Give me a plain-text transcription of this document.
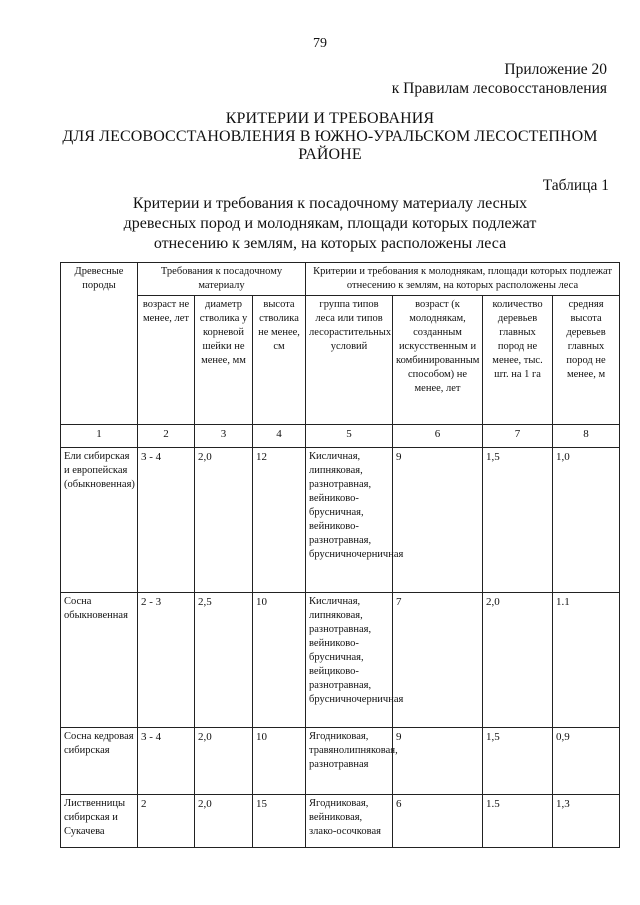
79
Приложение 20
к Правилам лесовосстановления
КРИТЕРИИ И ТРЕБОВАНИЯ
ДЛЯ ЛЕСОВОССТАНОВЛЕНИЯ В ЮЖНО-УРАЛЬСКОМ ЛЕСОСТЕПНОМ
РАЙОНЕ
Таблица 1
Критерии и требования к посадочному материалу лесных
древесных пород и молоднякам, площади которых подлежат
отнесению к землям, на которых расположены леса
Древесные породы	Требования к посадочному материалу			Критерии и требования к молоднякам, площади которых подлежат отнесению к землям, на которых расположены леса			
	возраст не менее, лет	диаметр стволика у корневой шейки не менее, мм	высота стволика не менее, см	группа типов леса или типов лесорастительных условий	возраст (к молоднякам, созданным искусственным и комбинированным способом) не менее, лет	количество деревьев главных пород не менее, тыс. шт. на 1 га	средняя высота деревьев главных пород не менее, м
1	2	3	4	5	6	7	8
Ели сибирская и европейская (обыкновенная)	3 - 4	2,0	12	Кисличная, липняковая, разнотравная, вейниково-брусничная, вейниково-разнотравная, брусничночерничная	9	1,5	1,0
Сосна обыкновенная	2 - 3	2,5	10	Кисличная, липняковая, разнотравная, вейниково-брусничная, вейциково-разнотравная, брусничночерничная	7	2,0	1.1
Сосна кедровая сибирская	3 - 4	2,0	10	Ягодниковая, травянолипняковая, разнотравная	9	1,5	0,9
Лиственницы сибирская и Сукачева	2	2,0	15	Ягодниковая, вейниковая, злако-осочковая	6	1.5	1,3
